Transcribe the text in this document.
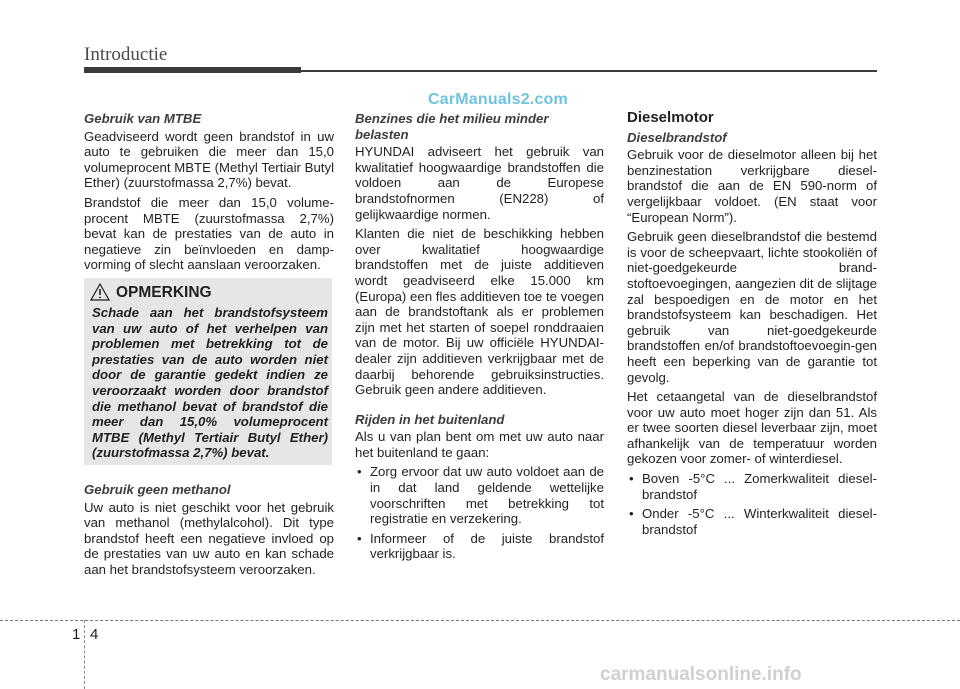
Introductie
CarManuals2.com
Gebruik van MTBE

Geadviseerd wordt geen brandstof in uw auto te gebruiken die meer dan 15,0 volumeprocent MBTE (Methyl Tertiair Butyl Ether) (zuurstofmassa 2,7%) bevat.

Brandstof die meer dan 15,0 volume-procent MBTE (zuurstofmassa 2,7%) bevat kan de prestaties van de auto in negatieve zin beïnvloeden en damp-vorming of slecht aanslaan veroorzaken.

OPMERKING
Schade aan het brandstofsysteem van uw auto of het verhelpen van problemen met betrekking tot de prestaties van de auto worden niet door de garantie gedekt indien ze veroorzaakt worden door brandstof die methanol bevat of brandstof die meer dan 15,0% volumeprocent MTBE (Methyl Tertiair Butyl Ether) (zuurstofmassa 2,7%) bevat.
Gebruik geen methanol

Uw auto is niet geschikt voor het gebruik van methanol (methylalcohol). Dit type brandstof heeft een negatieve invloed op de prestaties van uw auto en kan schade aan het brandstofsysteem veroorzaken.

Benzines die het milieu minder belasten

HYUNDAI adviseert het gebruik van kwalitatief hoogwaardige brandstoffen die voldoen aan de Europese brandstofnormen (EN228) of gelijkwaardige normen.

Klanten die niet de beschikking hebben over kwalitatief hoogwaardige brandstoffen met de juiste additieven wordt geadviseerd elke 15.000 km (Europa) een fles additieven toe te voegen aan de brandstoftank als er problemen zijn met het starten of soepel ronddraaien van de motor. Bij uw officiële HYUNDAI-dealer zijn additieven verkrijgbaar met de daarbij behorende gebruiksinstructies. Gebruik geen andere additieven.

Rijden in het buitenland

Als u van plan bent om met uw auto naar het buitenland te gaan:

• Zorg ervoor dat uw auto voldoet aan de in dat land geldende wettelijke voorschriften met betrekking tot registratie en verzekering.
• Informeer of de juiste brandstof verkrijgbaar is.
Dieselmotor
Dieselbrandstof

Gebruik voor de dieselmotor alleen bij het benzinestation verkrijgbare diesel-brandstof die aan de EN 590-norm of vergelijkbaar voldoet. (EN staat voor “European Norm”).

Gebruik geen dieselbrandstof die bestemd is voor de scheepvaart, lichte stookoliën of niet-goedgekeurde brand-stoftoevoegingen, aangezien dit de slijtage zal bespoedigen en de motor en het brandstofsysteem kan beschadigen. Het gebruik van niet-goedgekeurde brandstoffen en/of brandstoftoevoegin-gen heeft een beperking van de garantie tot gevolg.

Het cetaangetal van de dieselbrandstof voor uw auto moet hoger zijn dan 51. Als er twee soorten diesel leverbaar zijn, moet afhankelijk van de temperatuur worden gekozen voor zomer- of winterdiesel.

• Boven -5°C ... Zomerkwaliteit diesel-brandstof
• Onder -5°C ... Winterkwaliteit diesel-brandstof
1 4
carmanualsonline.info
